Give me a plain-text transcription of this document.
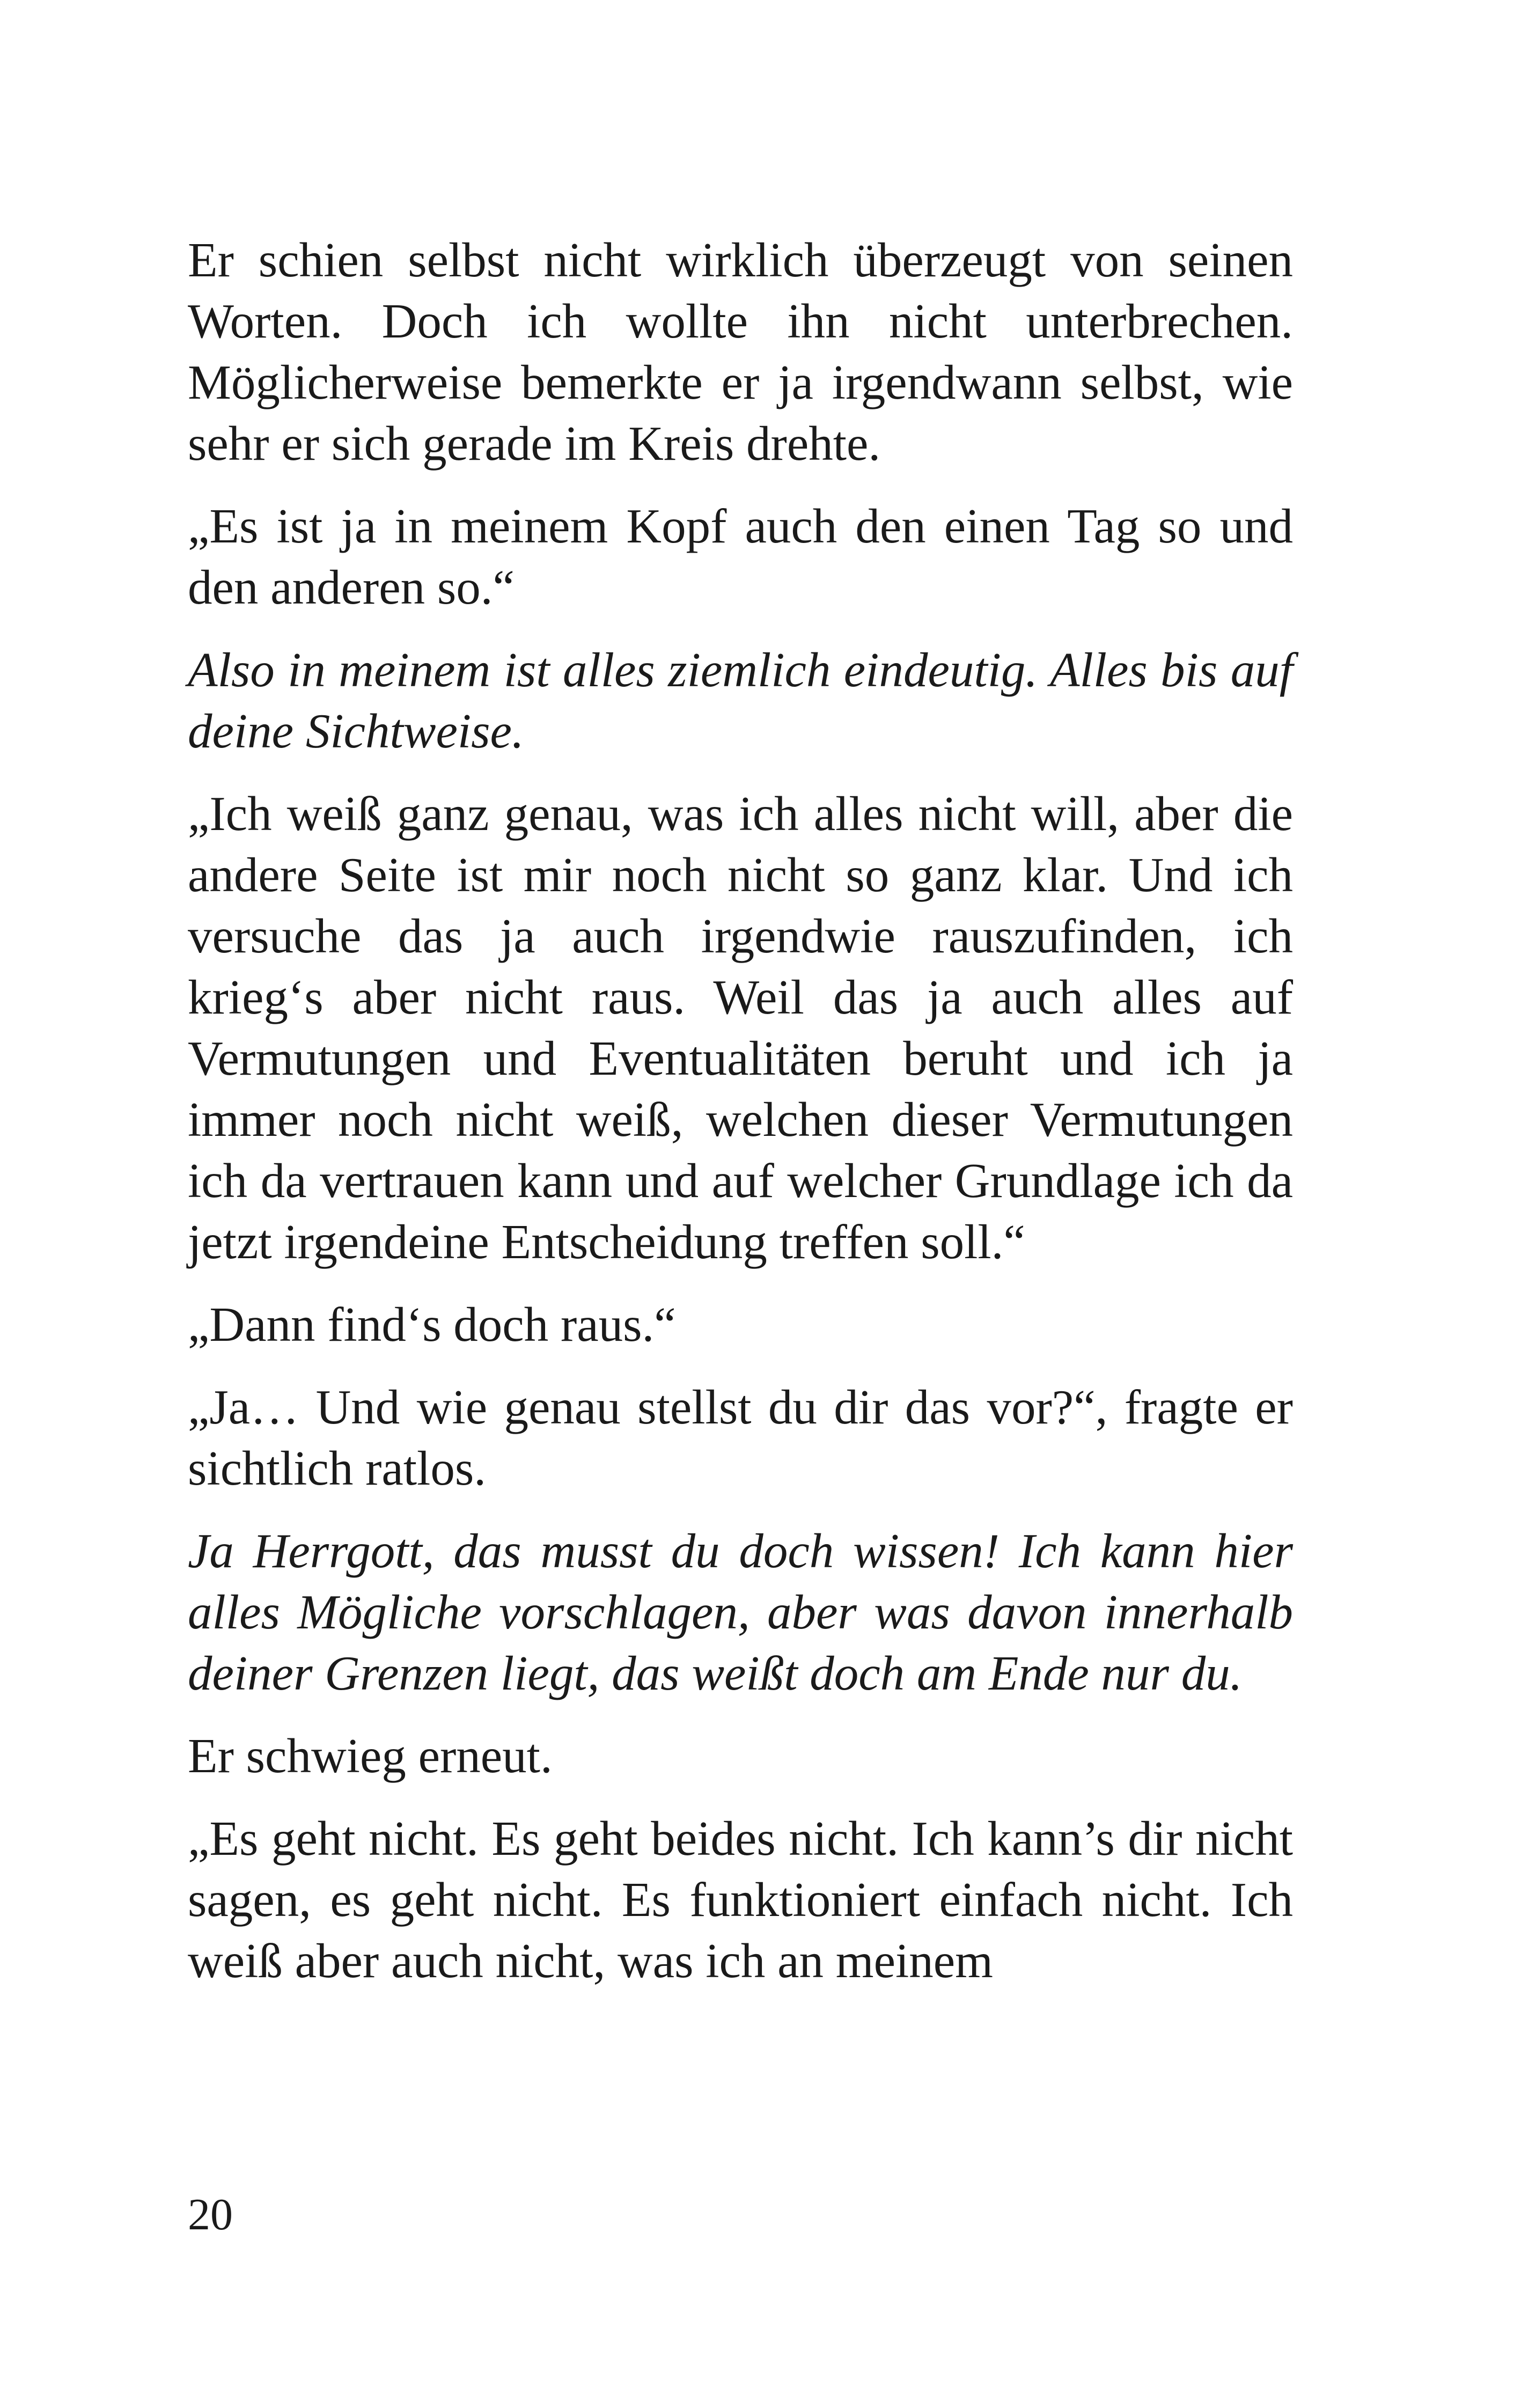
Er schien selbst nicht wirklich überzeugt von seinen Worten. Doch ich wollte ihn nicht unterbrechen. Möglicherweise bemerkte er ja irgendwann selbst, wie sehr er sich gerade im Kreis drehte.

„Es ist ja in meinem Kopf auch den einen Tag so und den anderen so.“

Also in meinem ist alles ziemlich eindeutig. Alles bis auf deine Sichtweise.

„Ich weiß ganz genau, was ich alles nicht will, aber die andere Seite ist mir noch nicht so ganz klar. Und ich versuche das ja auch irgendwie rauszufinden, ich krieg‘s aber nicht raus. Weil das ja auch alles auf Vermutungen und Eventualitäten beruht und ich ja immer noch nicht weiß, welchen dieser Vermutungen ich da vertrauen kann und auf welcher Grundlage ich da jetzt irgendeine Entscheidung treffen soll.“

„Dann find‘s doch raus.“

„Ja… Und wie genau stellst du dir das vor?“, fragte er sichtlich ratlos.

Ja Herrgott, das musst du doch wissen! Ich kann hier alles Mögliche vorschlagen, aber was davon innerhalb deiner Grenzen liegt, das weißt doch am Ende nur du.

Er schwieg erneut.

„Es geht nicht. Es geht beides nicht. Ich kann’s dir nicht sagen, es geht nicht. Es funktioniert einfach nicht. Ich weiß aber auch nicht, was ich an meinem

20
